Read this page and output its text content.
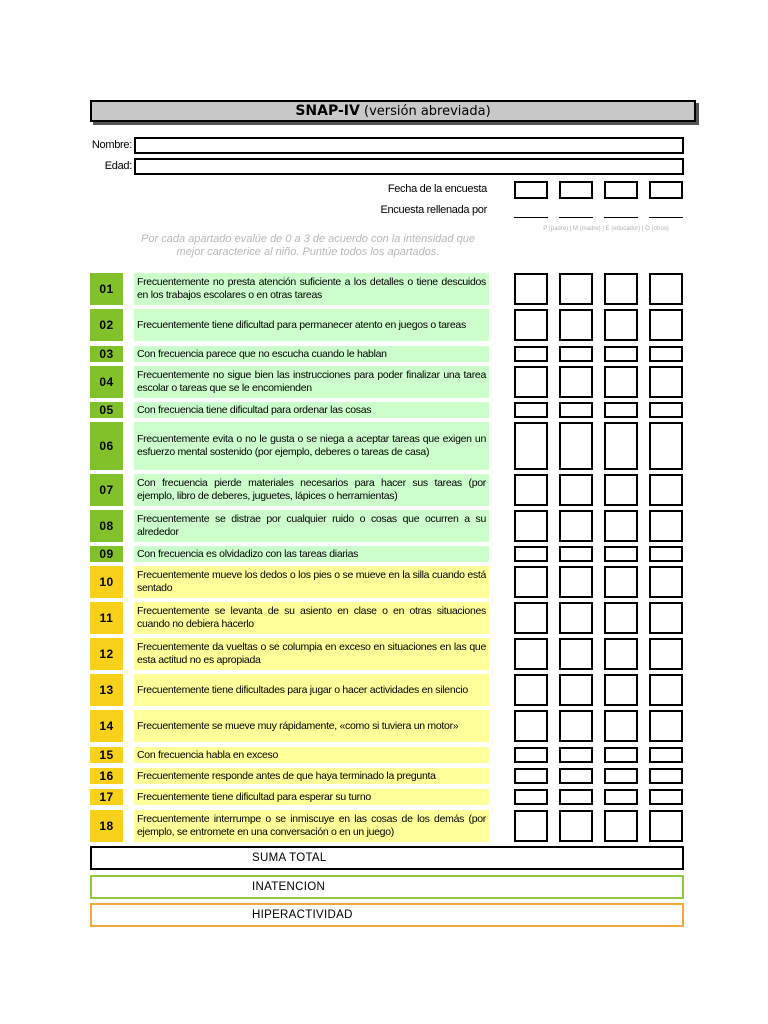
SNAP-IV (versión abreviada)
Nombre:
Edad:
Fecha de la encuesta
Encuesta rellenada por
P (padre) | M (madre) | E (educador) | O (otros)
Por cada apartado evalúe de 0 a 3 de acuerdo con la intensidad que mejor caracterice al niño. Puntúe todos los apartados.
01	Frecuentemente no presta atención suficiente a los detalles o tiene descuidos en los trabajos escolares o en otras tareas
02	Frecuentemente tiene dificultad para permanecer atento en juegos o tareas
03	Con frecuencia parece que no escucha cuando le hablan
04	Frecuentemente no sigue bien las instrucciones para poder finalizar una tarea escolar o tareas que se le encomienden
05	Con frecuencia tiene dificultad para ordenar las cosas
06	Frecuentemente evita o no le gusta o se niega a aceptar tareas que exigen un esfuerzo mental sostenido (por ejemplo, deberes o tareas de casa)
07	Con frecuencia pierde materiales necesarios para hacer sus tareas (por ejemplo, libro de deberes, juguetes, lápices o herramientas)
08	Frecuentemente se distrae por cualquier ruido o cosas que ocurren a su alrededor
09	Con frecuencia es olvidadizo con las tareas diarias
10	Frecuentemente mueve los dedos o los pies o se mueve en la silla cuando está sentado
11	Frecuentemente se levanta de su asiento en clase o en otras situaciones cuando no debiera hacerlo
12	Frecuentemente da vueltas o se columpia en exceso en situaciones en las que esta actitud no es apropiada
13	Frecuentemente tiene dificultades para jugar o hacer actividades en silencio
14	Frecuentemente se mueve muy rápidamente, «como si tuviera un motor»
15	Con frecuencia habla en exceso
16	Frecuentemente responde antes de que haya terminado la pregunta
17	Frecuentemente tiene dificultad para esperar su turno
18	Frecuentemente interrumpe o se inmiscuye en las cosas de los demás (por ejemplo, se entromete en una conversación o en un juego)
SUMA TOTAL
INATENCION
HIPERACTIVIDAD
